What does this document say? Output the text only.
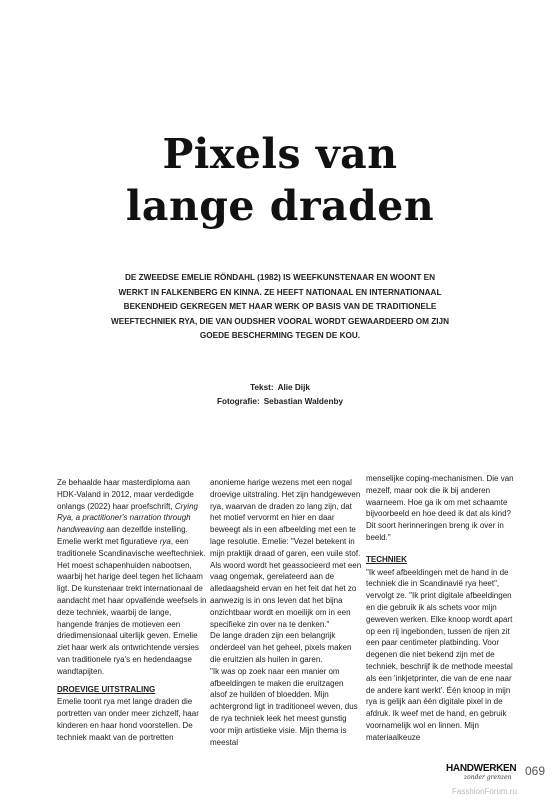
Pixels van
lange draden
DE ZWEEDSE EMELIE RÖNDAHL (1982) IS WEEFKUNSTENAAR EN WOONT EN WERKT IN FALKENBERG EN KINNA. ZE HEEFT NATIONAAL EN INTERNATIONAAL BEKENDHEID GEKREGEN MET HAAR WERK OP BASIS VAN DE TRADITIONELE WEEFTECHNIEK RYA, DIE VAN OUDSHER VOORAL WORDT GEWAARDEERD OM ZIJN GOEDE BESCHERMING TEGEN DE KOU.
Tekst: Alie Dijk
Fotografie: Sebastian Waldenby

Ze behaalde haar masterdiploma aan HDK-Valand in 2012, maar verdedigde onlangs (2022) haar proefschrift, Crying Rya, a practitioner's narration through handweaving aan dezelfde instelling. Emelie werkt met figuratieve rya, een traditionele Scandinavische weeftechniek. Het moest schapenhuiden nabootsen, waarbij het harige deel tegen het lichaam ligt. De kunstenaar trekt internationaal de aandacht met haar opvallende weefsels in deze techniek, waarbij de lange, hangende franjes de motieven een driedimensionaal uiterlijk geven. Emelie ziet haar werk als ontwrichtende versies van traditionele rya's en hedendaagse wandtapijten.

DROEVIGE UITSTRALING

Emelie toont rya met lange draden die portretten van onder meer zichzelf, haar kinderen en haar hond voorstellen. De techniek maakt van de portretten

anonieme harige wezens met een nogal droevige uitstraling. Het zijn handgeweven rya, waarvan de draden zo lang zijn, dat het motief vervormt en hier en daar beweegt als in een afbeelding met een te lage resolutie. Emelie: "Vezel betekent in mijn praktijk draad of garen, een vuile stof. Als woord wordt het geassocieerd met een vaag ongemak, gerelateerd aan de alledaagsheid ervan en het feit dat het zo aanwezig is in ons leven dat het bijna onzichtbaar wordt en moeilijk om in een specifieke zin over na te denken."

De lange draden zijn een belangrijk onderdeel van het geheel, pixels maken die eruitzien als huilen in garen.

"Ik was op zoek naar een manier om afbeeldingen te maken die eruitzagen alsof ze huilden of bloedden. Mijn achtergrond ligt in traditioneel weven, dus de rya techniek leek het meest gunstig voor mijn artistieke visie. Mijn thema is meestal

menselijke coping-mechanismen. Die van mezelf, maar ook die ik bij anderen waarneem. Hoe ga ik om met schaamte bijvoorbeeld en hoe deed ik dat als kind? Dit soort herinneringen breng ik over in beeld."

TECHNIEK

"Ik weef afbeeldingen met de hand in de techniek die in Scandinavië rya heet", vervolgt ze. "Ik print digitale afbeeldingen en die gebruik ik als schets voor mijn geweven werken. Elke knoop wordt apart op een rij ingebonden, tussen de rijen zit een paar centimeter platbinding. Voor degenen die niet bekend zijn met de techniek, beschrijf ik de methode meestal als een 'inkjetprinter, die van de ene naar de andere kant werkt'. Één knoop in mijn rya is gelijk aan één digitale pixel in de afdruk. Ik weef met de hand, en gebruik voornamelijk wol en linnen. Mijn materiaalkeuze

HANDWERKEN
zonder grenzen	069
FasshionForum.ru
